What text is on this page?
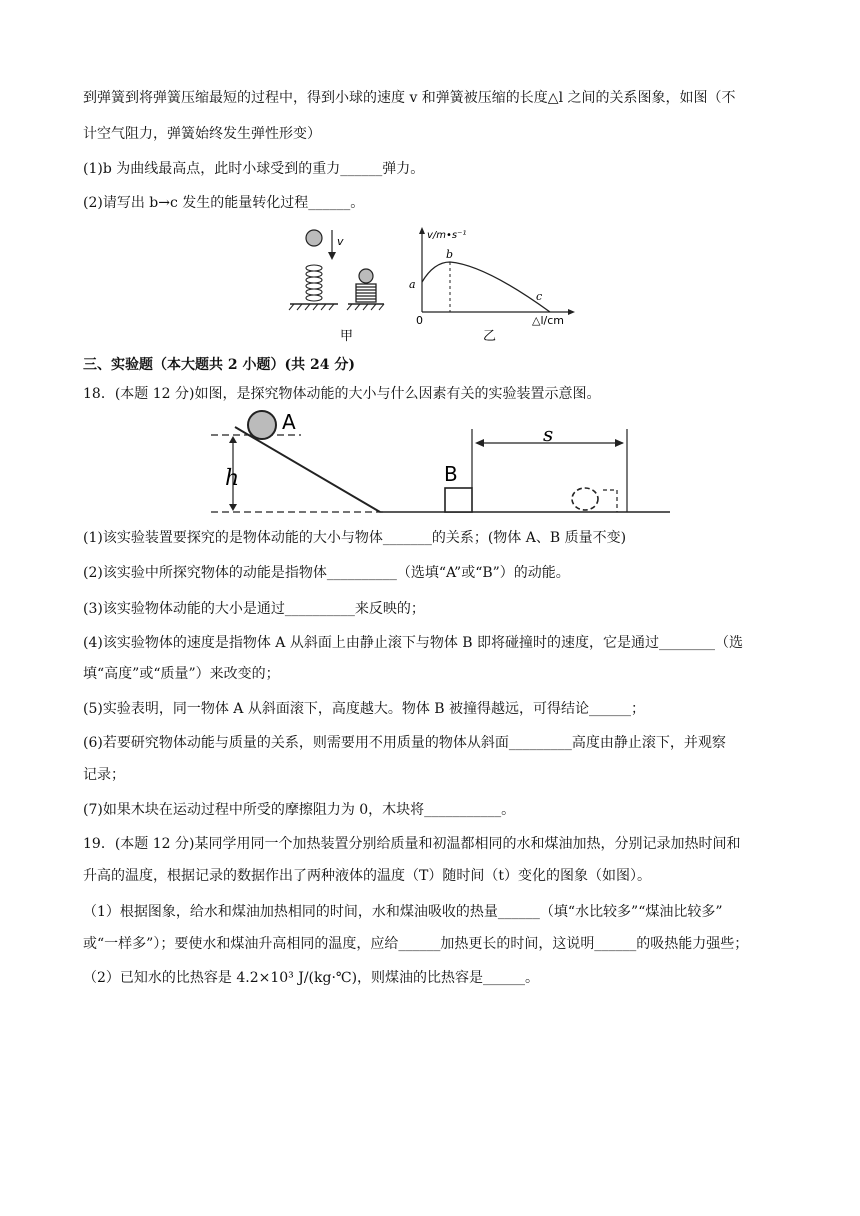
到弹簧到将弹簧压缩最短的过程中，得到小球的速度 v 和弹簧被压缩的长度△l 之间的关系图象，如图（不
计空气阻力，弹簧始终发生弹性形变）
(1)b 为曲线最高点，此时小球受到的重力______弹力。
(2)请写出 b→c 发生的能量转化过程______。
v
甲
v/m•s⁻¹
△l/cm
0
a
b
c
乙
三、实验题（本大题共 2 小题）(共 24 分)
18．(本题 12 分)如图，是探究物体动能的大小与什么因素有关的实验装置示意图。
A
h	B
s
(1)该实验装置要探究的是物体动能的大小与物体_______的关系；(物体 A、B 质量不变)
(2)该实验中所探究物体的动能是指物体__________（选填“A”或“B”）的动能。
(3)该实验物体动能的大小是通过__________来反映的；
(4)该实验物体的速度是指物体 A 从斜面上由静止滚下与物体 B 即将碰撞时的速度，它是通过________（选
填“高度”或“质量”）来改变的；
(5)实验表明，同一物体 A 从斜面滚下，高度越大。物体 B 被撞得越远，可得结论______；
(6)若要研究物体动能与质量的关系，则需要用不用质量的物体从斜面_________高度由静止滚下，并观察
记录；
(7)如果木块在运动过程中所受的摩擦阻力为 0，木块将___________。
19．(本题 12 分)某同学用同一个加热装置分别给质量和初温都相同的水和煤油加热，分别记录加热时间和
升高的温度，根据记录的数据作出了两种液体的温度（T）随时间（t）变化的图象（如图）。
（1）根据图象，给水和煤油加热相同的时间，水和煤油吸收的热量______（填“水比较多”“煤油比较多”
或“一样多”）；要使水和煤油升高相同的温度，应给______加热更长的时间，这说明______的吸热能力强些；
（2）已知水的比热容是 4.2×10³ J/(kg·℃)，则煤油的比热容是______。
